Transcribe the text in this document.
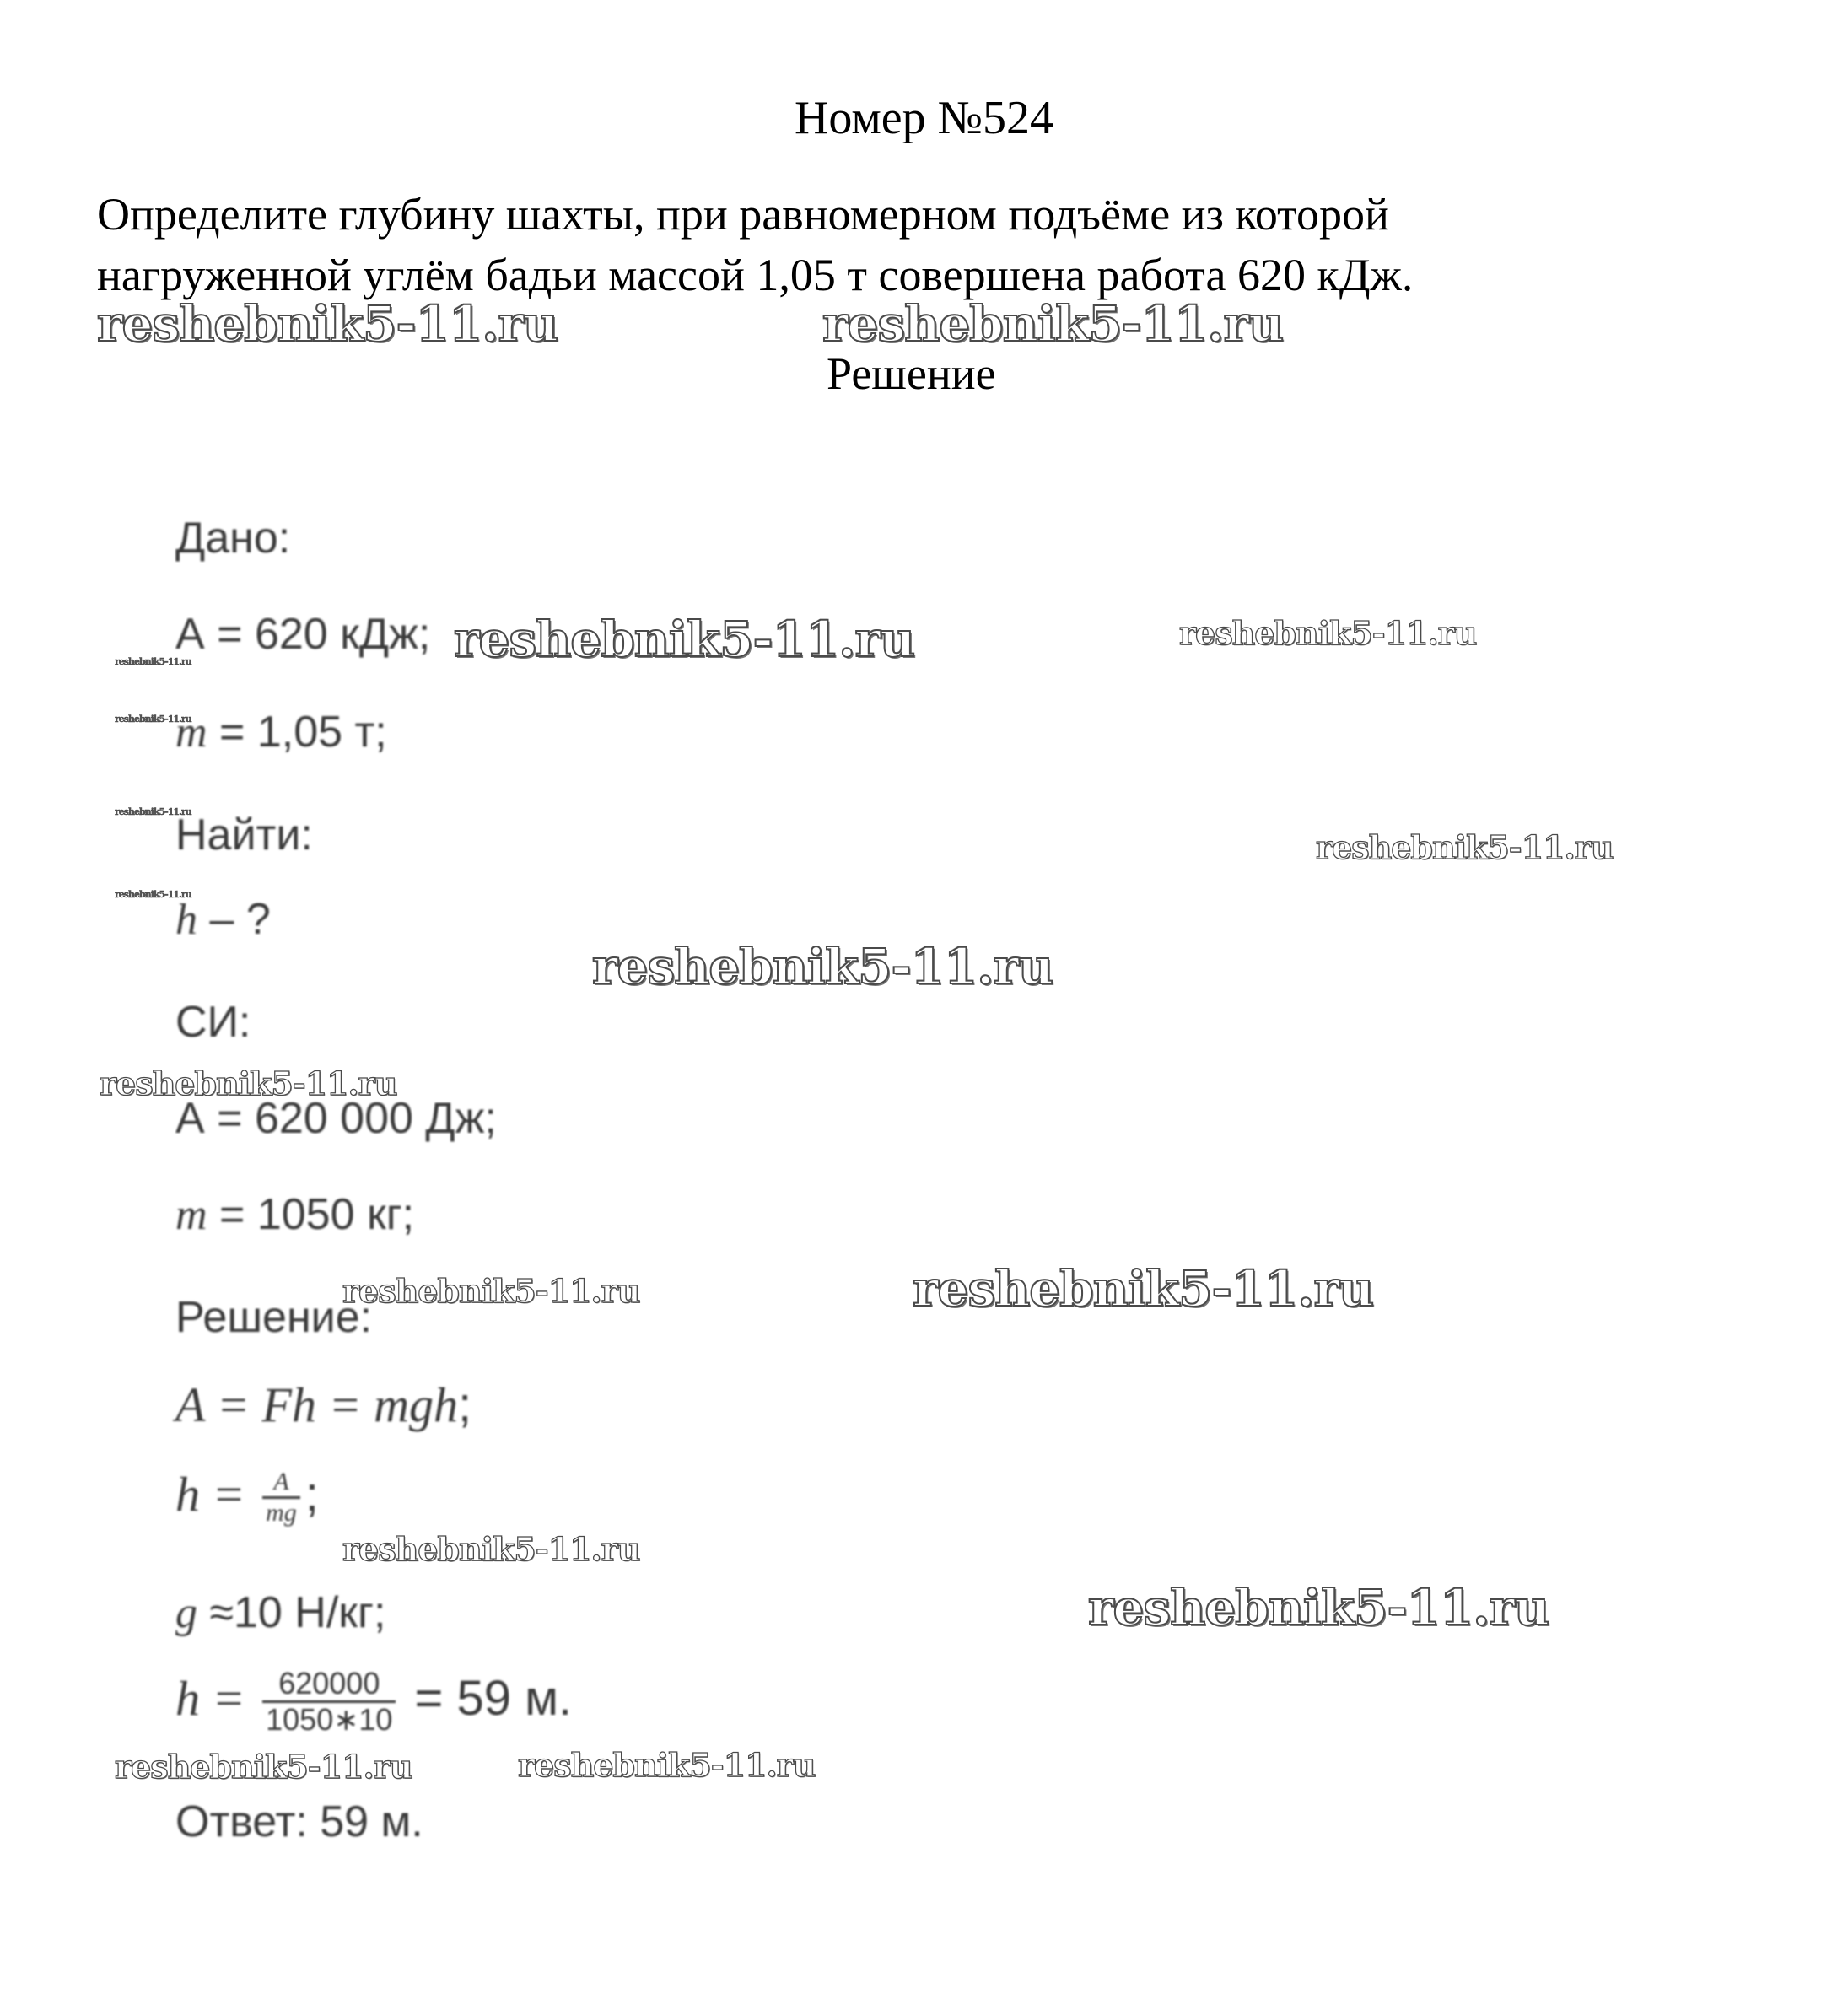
Номер №524
Определите глубину шахты, при равномерном подъёме из которой
нагруженной углём бадьи массой 1,05 т совершена работа 620 кДж.
reshebnik5-11.ru	reshebnik5-11.ru
Решение
Дано:
А = 620 кДж;
m = 1,05 т;
Найти:
h – ?
СИ:
А = 620 000 Дж;
m = 1050 кг;
Решение:
A = Fh = mgh;
$h = \frac{A}{mg}$ ;
g ≈10 Н/кг;
$h = \frac{620000}{1050∗10} = 59$ м.
Ответ: 59 м.
reshebnik5-11.ru	reshebnik5-11.ru
reshebnik5-11.ru
reshebnik5-11.ru
reshebnik5-11.ru
reshebnik5-11.ru
reshebnik5-11.ru
reshebnik5-11.ru
reshebnik5-11.ru
reshebnik5-11.ru	reshebnik5-11.ru
reshebnik5-11.ru
reshebnik5-11.ru
reshebnik5-11.ru	reshebnik5-11.ru
